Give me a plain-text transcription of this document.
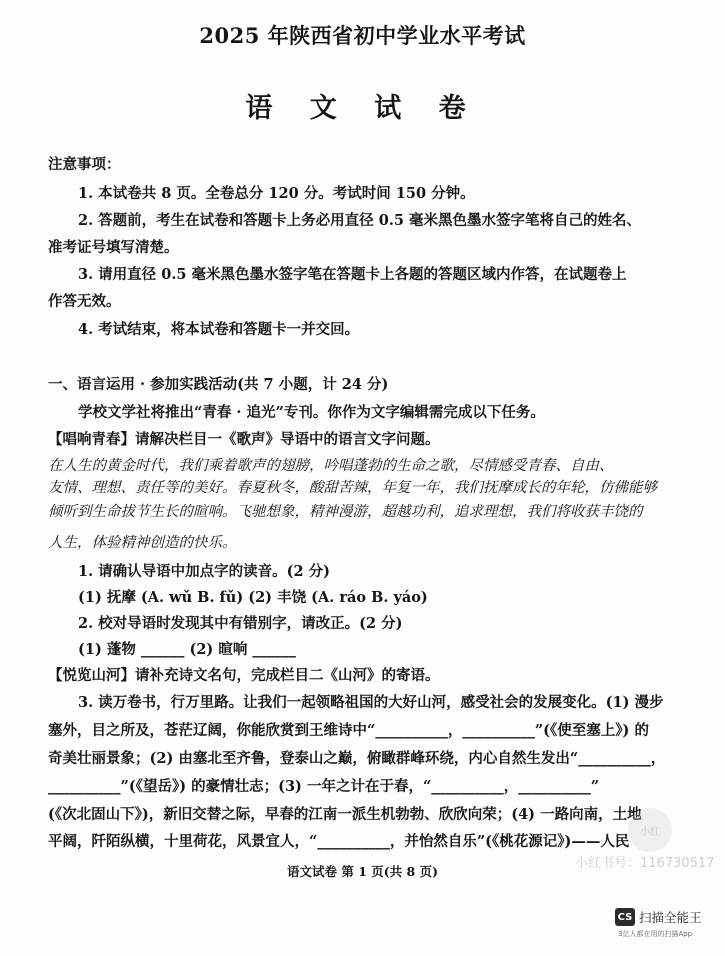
2025 年陕西省初中学业水平考试
语 文 试 卷
注意事项：
1. 本试卷共 8 页。全卷总分 120 分。考试时间 150 分钟。
2. 答题前，考生在试卷和答题卡上务必用直径 0.5 毫米黑色墨水签字笔将自己的姓名、
准考证号填写清楚。
3. 请用直径 0.5 毫米黑色墨水签字笔在答题卡上各题的答题区域内作答，在试题卷上
作答无效。
4. 考试结束，将本试卷和答题卡一并交回。
一、语言运用 · 参加实践活动(共 7 小题，计 24 分)
学校文学社将推出“青春 · 追光”专刊。你作为文字编辑需完成以下任务。
【唱响青春】请解决栏目一《歌声》导语中的语言文字问题。
在人生的黄金时代，我们乘着歌声的翅膀，吟唱蓬勃的生命之歌，尽情感受青春、自由、
友情、理想、责任等的美好。春夏秋冬，酸甜苦辣，年复一年，我们抚摩成长的年轮，仿佛能够
倾听到生命拔节生长的暄响。飞驰想象，精神漫游，超越功利，追求理想，我们将收获丰饶的
人生，体验精神创造的快乐。
1. 请确认导语中加点字的读音。(2 分)
(1) 抚摩 (A. wǔ B. fǔ) (2) 丰饶 (A. ráo B. yáo)
2. 校对导语时发现其中有错别字，请改正。(2 分)
(1) 蓬物 ______ (2) 暄响 ______
【悦览山河】请补充诗文名句，完成栏目二《山河》的寄语。
3. 读万卷书，行万里路。让我们一起领略祖国的大好山河，感受社会的发展变化。(1) 漫步
塞外，目之所及，苍茫辽阔，你能欣赏到王维诗中“__________，__________”(《使至塞上》) 的
奇美壮丽景象；(2) 由塞北至齐鲁，登泰山之巅，俯瞰群峰环绕，内心自然生发出“__________，
__________”(《望岳》) 的豪情壮志；(3) 一年之计在于春，“__________，__________”
(《次北固山下》)，新旧交替之际，早春的江南一派生机勃勃、欣欣向荣；(4) 一路向南，土地
平阔，阡陌纵横，十里荷花，风景宜人，“__________，并怡然自乐”(《桃花源记》)——人民
语文试卷 第 1 页(共 8 页)
小红
小红书号：116730517
CS 扫描全能王
3亿人都在用的扫描App
